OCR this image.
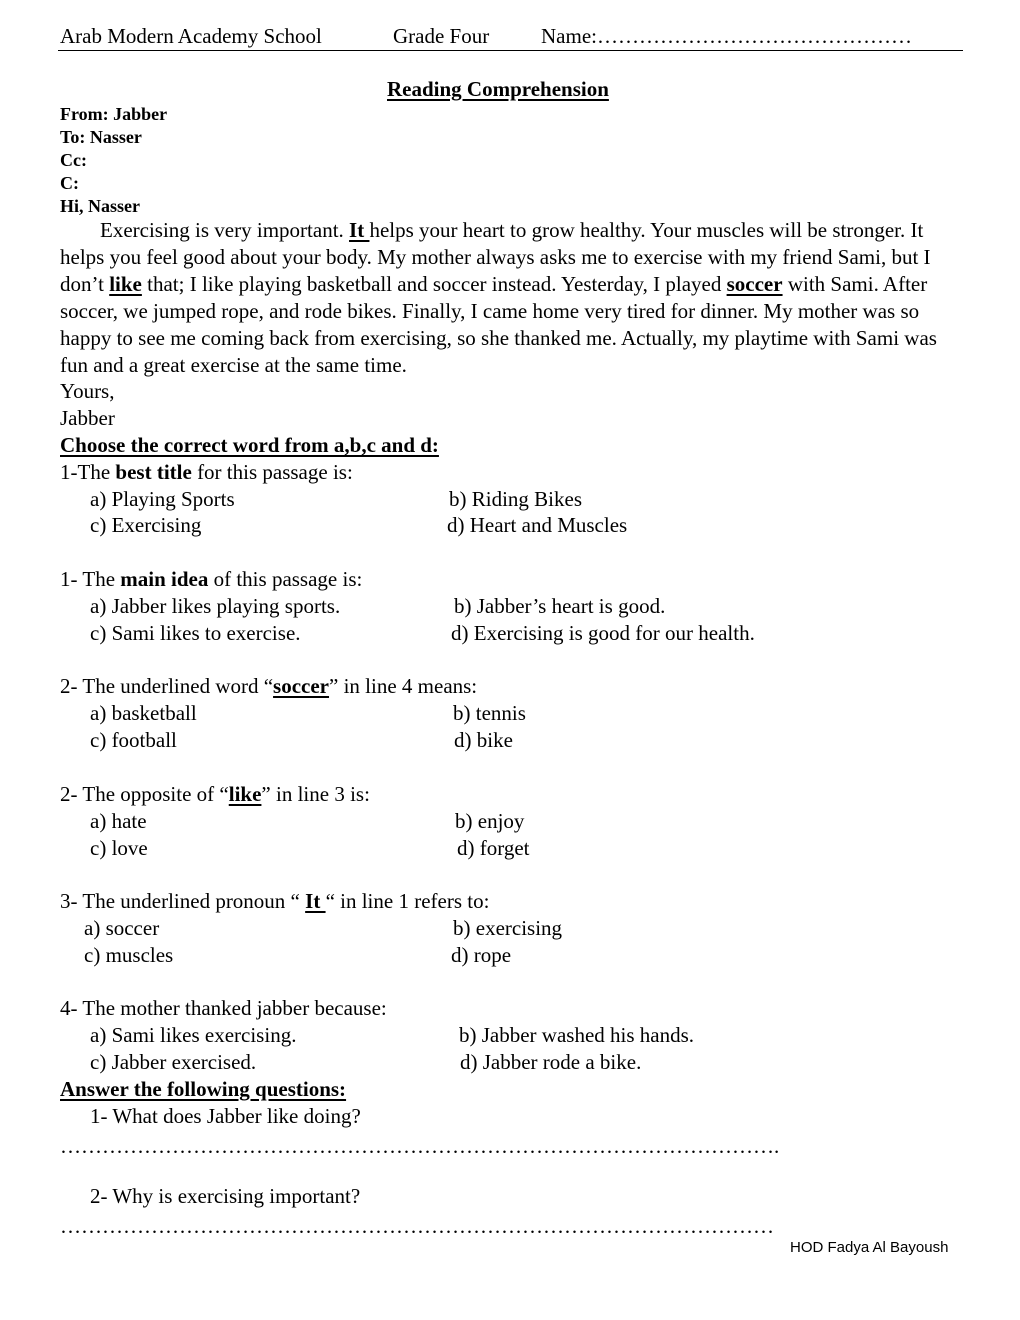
Arab Modern Academy School	Grade Four Name:………………………………………
Reading Comprehension
From: Jabber
To: Nasser
Cc:
C:
Hi, Nasser

Exercising is very important. It helps your heart to grow healthy. Your muscles will be stronger. It helps you feel good about your body. My mother always asks me to exercise with my friend Sami, but I don’t like that; I like playing basketball and soccer instead. Yesterday, I played soccer with Sami. After soccer, we jumped rope, and rode bikes. Finally, I came home very tired for dinner. My mother was so happy to see me coming back from exercising, so she thanked me. Actually, my playtime with Sami was fun and a great exercise at the same time.

Yours,
Jabber
Choose the correct word from a,b,c and d:
1-The best title for this passage is:
a) Playing Sports	b) Riding Bikes
c) Exercising	d) Heart and Muscles
1- The main idea of this passage is:
a) Jabber likes playing sports.	b) Jabber’s heart is good.
c) Sami likes to exercise.	d) Exercising is good for our health.
2- The underlined word “soccer” in line 4 means:
a) basketball	b) tennis
c) football	d) bike
2- The opposite of “like” in line 3 is:
a) hate	b) enjoy
c) love	d) forget
3- The underlined pronoun “ It “ in line 1 refers to:
a) soccer	b) exercising
c) muscles	d) rope
4- The mother thanked jabber because:
a) Sami likes exercising.	b) Jabber washed his hands.
c) Jabber exercised.	d) Jabber rode a bike.
Answer the following questions:
1- What does Jabber like doing?
………………………………………………………………………………………….
2- Why is exercising important?
…………………………………………………………………………………………
HOD Fadya Al Bayoush
